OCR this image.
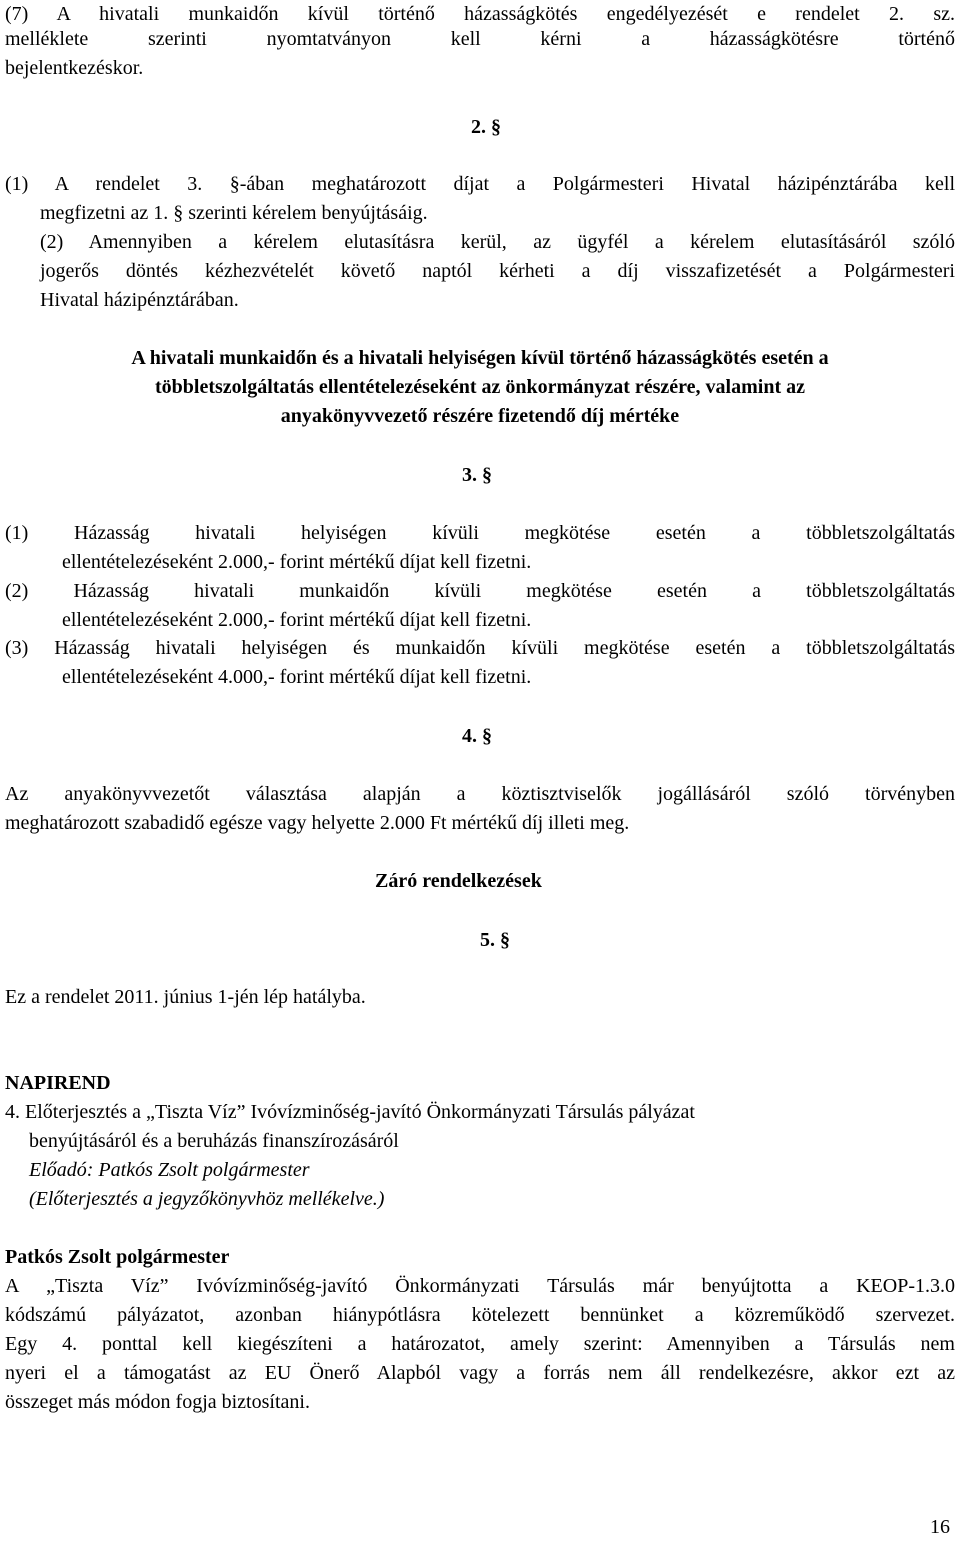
(7) A hivatali munkaidőn kívül történő házasságkötés engedélyezését e rendelet 2. sz.
melléklete szerinti nyomtatványon kell kérni a házasságkötésre történő
bejelentkezéskor.
2. §
(1) A rendelet 3. §-ában meghatározott díjat a Polgármesteri Hivatal házipénztárába kell
megfizetni az 1. § szerinti kérelem benyújtásáig.
(2) Amennyiben a kérelem elutasításra kerül, az ügyfél a kérelem elutasításáról szóló
jogerős döntés kézhezvételét követő naptól kérheti a díj visszafizetését a Polgármesteri
Hivatal házipénztárában.
A hivatali munkaidőn és a hivatali helyiségen kívül történő házasságkötés esetén a
többletszolgáltatás ellentételezéseként az önkormányzat részére, valamint az
anyakönyvvezető részére fizetendő díj mértéke
3. §
(1) Házasság hivatali helyiségen kívüli megkötése esetén a többletszolgáltatás
ellentételezéseként 2.000,- forint mértékű díjat kell fizetni.
(2) Házasság hivatali munkaidőn kívüli megkötése esetén a többletszolgáltatás
ellentételezéseként 2.000,- forint mértékű díjat kell fizetni.
(3) Házasság hivatali helyiségen és munkaidőn kívüli megkötése esetén a többletszolgáltatás
ellentételezéseként 4.000,- forint mértékű díjat kell fizetni.
4. §
Az anyakönyvvezetőt választása alapján a köztisztviselők jogállásáról szóló törvényben
meghatározott szabadidő egésze vagy helyette 2.000 Ft mértékű díj illeti meg.
Záró rendelkezések
5. §
Ez a rendelet 2011. június 1-jén lép hatályba.
NAPIREND
4. Előterjesztés a „Tiszta Víz” Ivóvízminőség-javító Önkormányzati Társulás pályázat
benyújtásáról és a beruházás finanszírozásáról
Előadó: Patkós Zsolt polgármester
(Előterjesztés a jegyzőkönyvhöz mellékelve.)
Patkós Zsolt polgármester
A „Tiszta Víz” Ivóvízminőség-javító Önkormányzati Társulás már benyújtotta a KEOP-1.3.0
kódszámú pályázatot, azonban hiánypótlásra kötelezett bennünket a közreműködő szervezet.
Egy 4. ponttal kell kiegészíteni a határozatot, amely szerint: Amennyiben a Társulás nem
nyeri el a támogatást az EU Önerő Alapból vagy a forrás nem áll rendelkezésre, akkor ezt az
összeget más módon fogja biztosítani.
16
